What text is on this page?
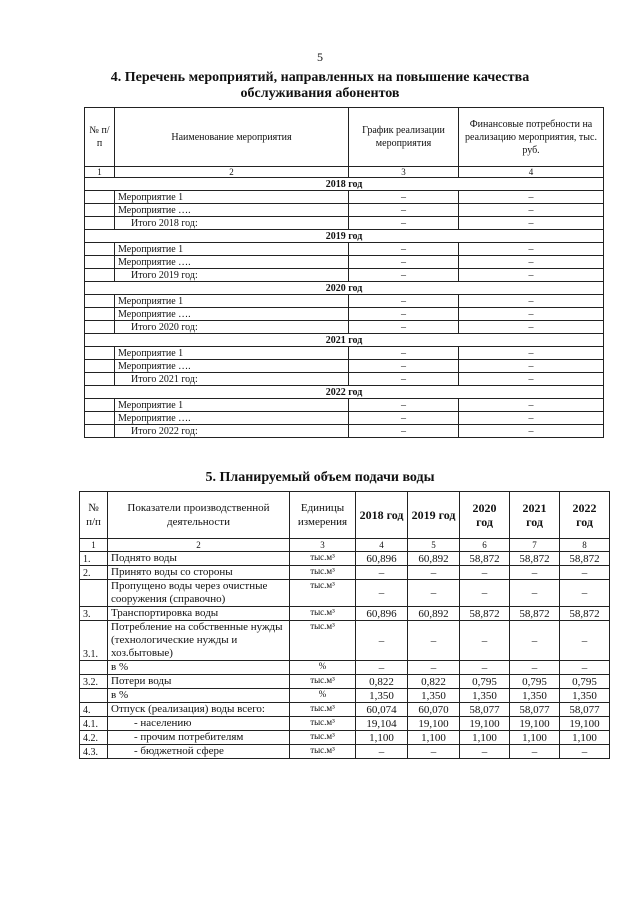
5
4. Перечень мероприятий, направленных на повышение качества
обслуживания абонентов
№ п/п	Наименование мероприятия	График реализации мероприятия	Финансовые потребности на реализацию мероприятия, тыс. руб.
1	2	3	4
2018 год			
	Мероприятие 1	–	–
	Мероприятие ….	–	–
	Итого 2018 год:	–	–
2019 год			
	Мероприятие 1	–	–
	Мероприятие ….	–	–
	Итого 2019 год:	–	–
2020 год			
	Мероприятие 1	–	–
	Мероприятие ….	–	–
	Итого 2020 год:	–	–
2021 год			
	Мероприятие 1	–	–
	Мероприятие ….	–	–
	Итого 2021 год:	–	–
2022 год			
	Мероприятие 1	–	–
	Мероприятие ….	–	–
	Итого 2022 год:	–	–
5. Планируемый объем подачи воды
№ п/п	Показатели производственной деятельности	Единицы измерения	2018 год	2019 год	2020 год	2021 год	2022 год
1	2	3	4	5	6	7	8
1.	Поднято воды	тыс.м³	60,896	60,892	58,872	58,872	58,872
2.	Принято воды со стороны	тыс.м³	–	–	–	–	–
	Пропущено воды через очистные сооружения (справочно)	тыс.м³	–	–	–	–	–
3.	Транспортировка воды	тыс.м³	60,896	60,892	58,872	58,872	58,872
3.1.	Потребление на собственные нужды (технологические нужды и хоз.бытовые)	тыс.м³	–	–	–	–	–
	в %	%	–	–	–	–	–
3.2.	Потери воды	тыс.м³	0,822	0,822	0,795	0,795	0,795
	в %	%	1,350	1,350	1,350	1,350	1,350
4.	Отпуск (реализация) воды всего:	тыс.м³	60,074	60,070	58,077	58,077	58,077
4.1.	- населению	тыс.м³	19,104	19,100	19,100	19,100	19,100
4.2.	- прочим потребителям	тыс.м³	1,100	1,100	1,100	1,100	1,100
4.3.	- бюджетной сфере	тыс.м³	–	–	–	–	–
